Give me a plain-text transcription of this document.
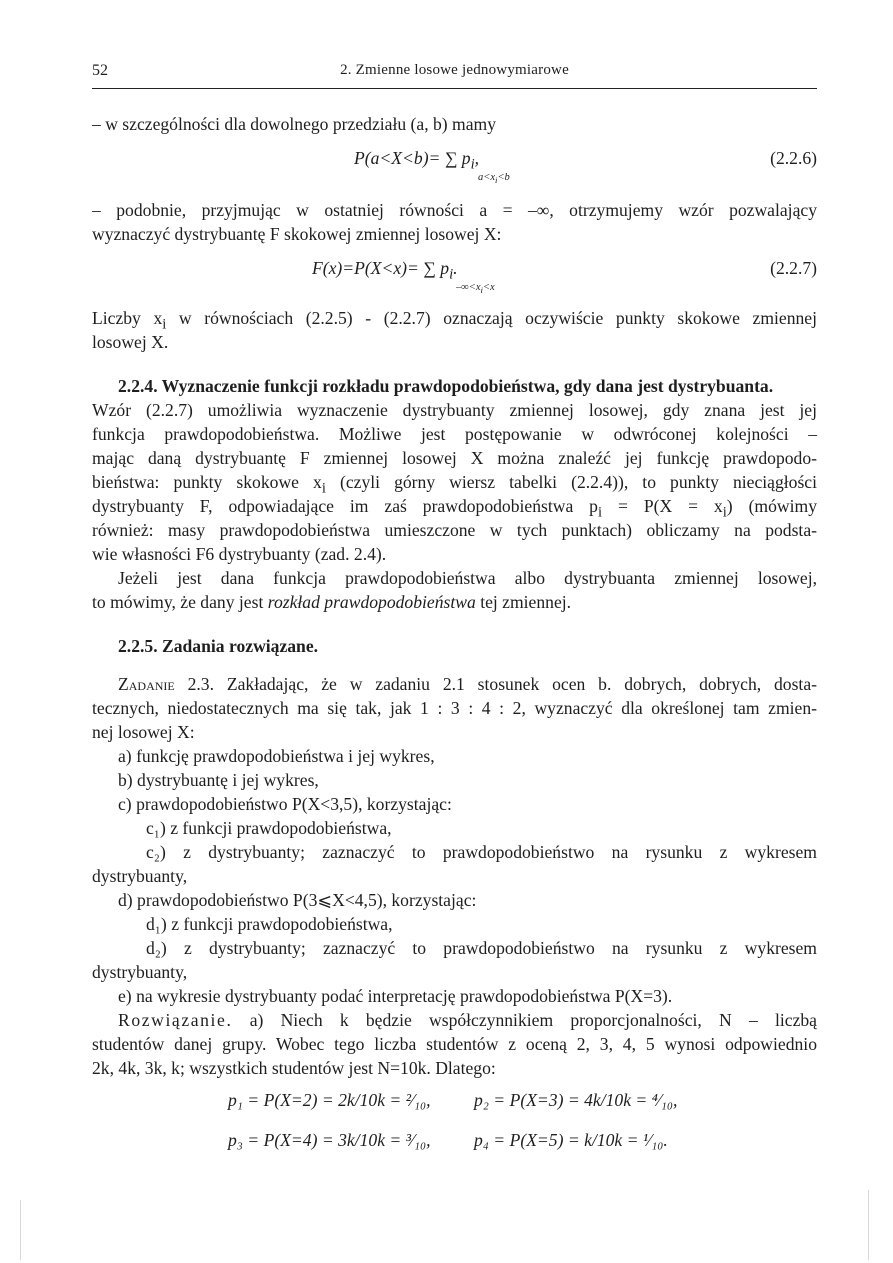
52	2. Zmienne losowe jednowymiarowe
– w szczególności dla dowolnego przedziału (a, b) mamy
P(a<X<b)= ∑ $p_i$,
$a<x_i<b$
(2.2.6)
– podobnie, przyjmując w ostatniej równości a = –∞, otrzymujemy wzór pozwalający
wyznaczyć dystrybuantę F skokowej zmiennej losowej X:
F(x)=P(X<x)= ∑ $p_i$.
$-\infty<x_i<x$
(2.2.7)
Liczby $x_i$ w równościach (2.2.5) - (2.2.7) oznaczają oczywiście punkty skokowe zmiennej
losowej X.
2.2.4. Wyznaczenie funkcji rozkładu prawdopodobieństwa, gdy dana jest dystrybuanta.
Wzór (2.2.7) umożliwia wyznaczenie dystrybuanty zmiennej losowej, gdy znana jest jej
funkcja prawdopodobieństwa. Możliwe jest postępowanie w odwróconej kolejności –
mając daną dystrybuantę F zmiennej losowej X można znaleźć jej funkcję prawdopodo-
bieństwa: punkty skokowe $x_i$ (czyli górny wiersz tabelki (2.2.4)), to punkty nieciągłości
dystrybuanty F, odpowiadające im zaś prawdopodobieństwa $p_i = P(X = x_i)$ (mówimy
również: masy prawdopodobieństwa umieszczone w tych punktach) obliczamy na podsta-
wie własności F6 dystrybuanty (zad. 2.4).
Jeżeli jest dana funkcja prawdopodobieństwa albo dystrybuanta zmiennej losowej,
to mówimy, że dany jest rozkład prawdopodobieństwa tej zmiennej.
2.2.5. Zadania rozwiązane.
Zadanie 2.3. Zakładając, że w zadaniu 2.1 stosunek ocen b. dobrych, dobrych, dosta-
tecznych, niedostatecznych ma się tak, jak 1 : 3 : 4 : 2, wyznaczyć dla określonej tam zmien-
nej losowej X:
a) funkcję prawdopodobieństwa i jej wykres,
b) dystrybuantę i jej wykres,
c) prawdopodobieństwo P(X<3,5), korzystając:
c₁) z funkcji prawdopodobieństwa,
c₂) z dystrybuanty; zaznaczyć to prawdopodobieństwo na rysunku z wykresem
dystrybuanty,
d) prawdopodobieństwo P(3⩽X<4,5), korzystając:
d₁) z funkcji prawdopodobieństwa,
d₂) z dystrybuanty; zaznaczyć to prawdopodobieństwo na rysunku z wykresem
dystrybuanty,
e) na wykresie dystrybuanty podać interpretację prawdopodobieństwa P(X=3).
Rozwiązanie. a) Niech k będzie współczynnikiem proporcjonalności, N – liczbą
studentów danej grupy. Wobec tego liczba studentów z oceną 2, 3, 4, 5 wynosi odpowiednio
2k, 4k, 3k, k; wszystkich studentów jest N=10k. Dlatego:
p₁ = P(X=2) = 2k/10k = ²⁄₁₀, p₂ = P(X=3) = 4k/10k = ⁴⁄₁₀,
p₃ = P(X=4) = 3k/10k = ³⁄₁₀, p₄ = P(X=5) = k/10k = ¹⁄₁₀.
